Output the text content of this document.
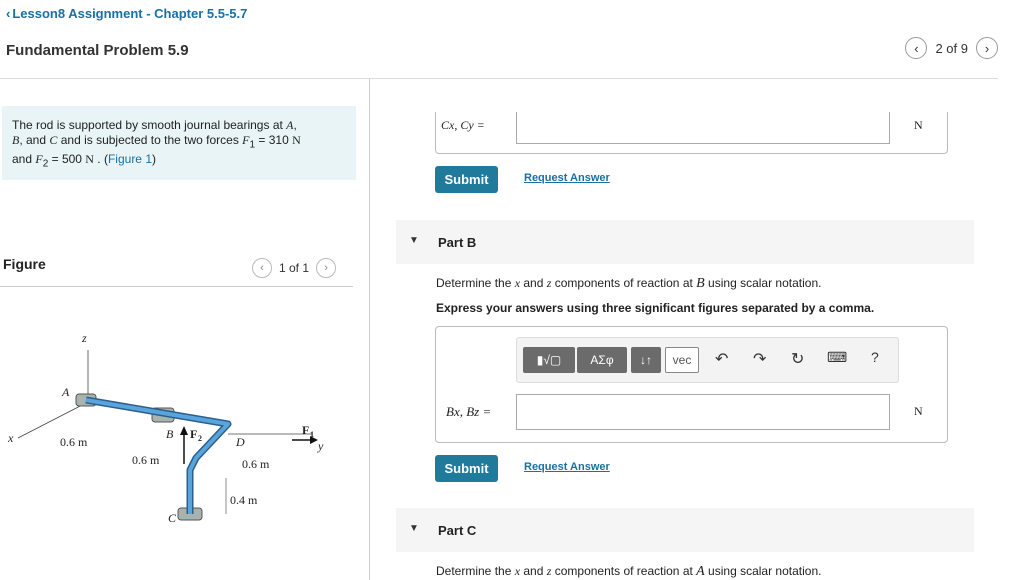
‹ Lesson8 Assignment - Chapter 5.5-5.7
Fundamental Problem 5.9	‹ 2 of 9 ›
The rod is supported by smooth journal bearings at A,
B, and C and is subjected to the two forces $F_1 = 310$ N
and $F_2 = 500$ N . (Figure 1)
Figure	‹ 1 of 1 ›
z
x
y
A
B F 2	D
F 1
C
0.6 m
0.6 m	0.6 m
0.4 m
Cx, Cy =	N
Submit	Request Answer
▼ Part B
Determine the x and z components of reaction at B using scalar notation.
Express your answers using three significant figures separated by a comma.
▮√▢	ΑΣφ	↓↑	vec	↶ ↷ ↻ ⌨ ?
Bx, Bz =	N
Submit	Request Answer
▼ Part C
Determine the x and z components of reaction at A using scalar notation.
